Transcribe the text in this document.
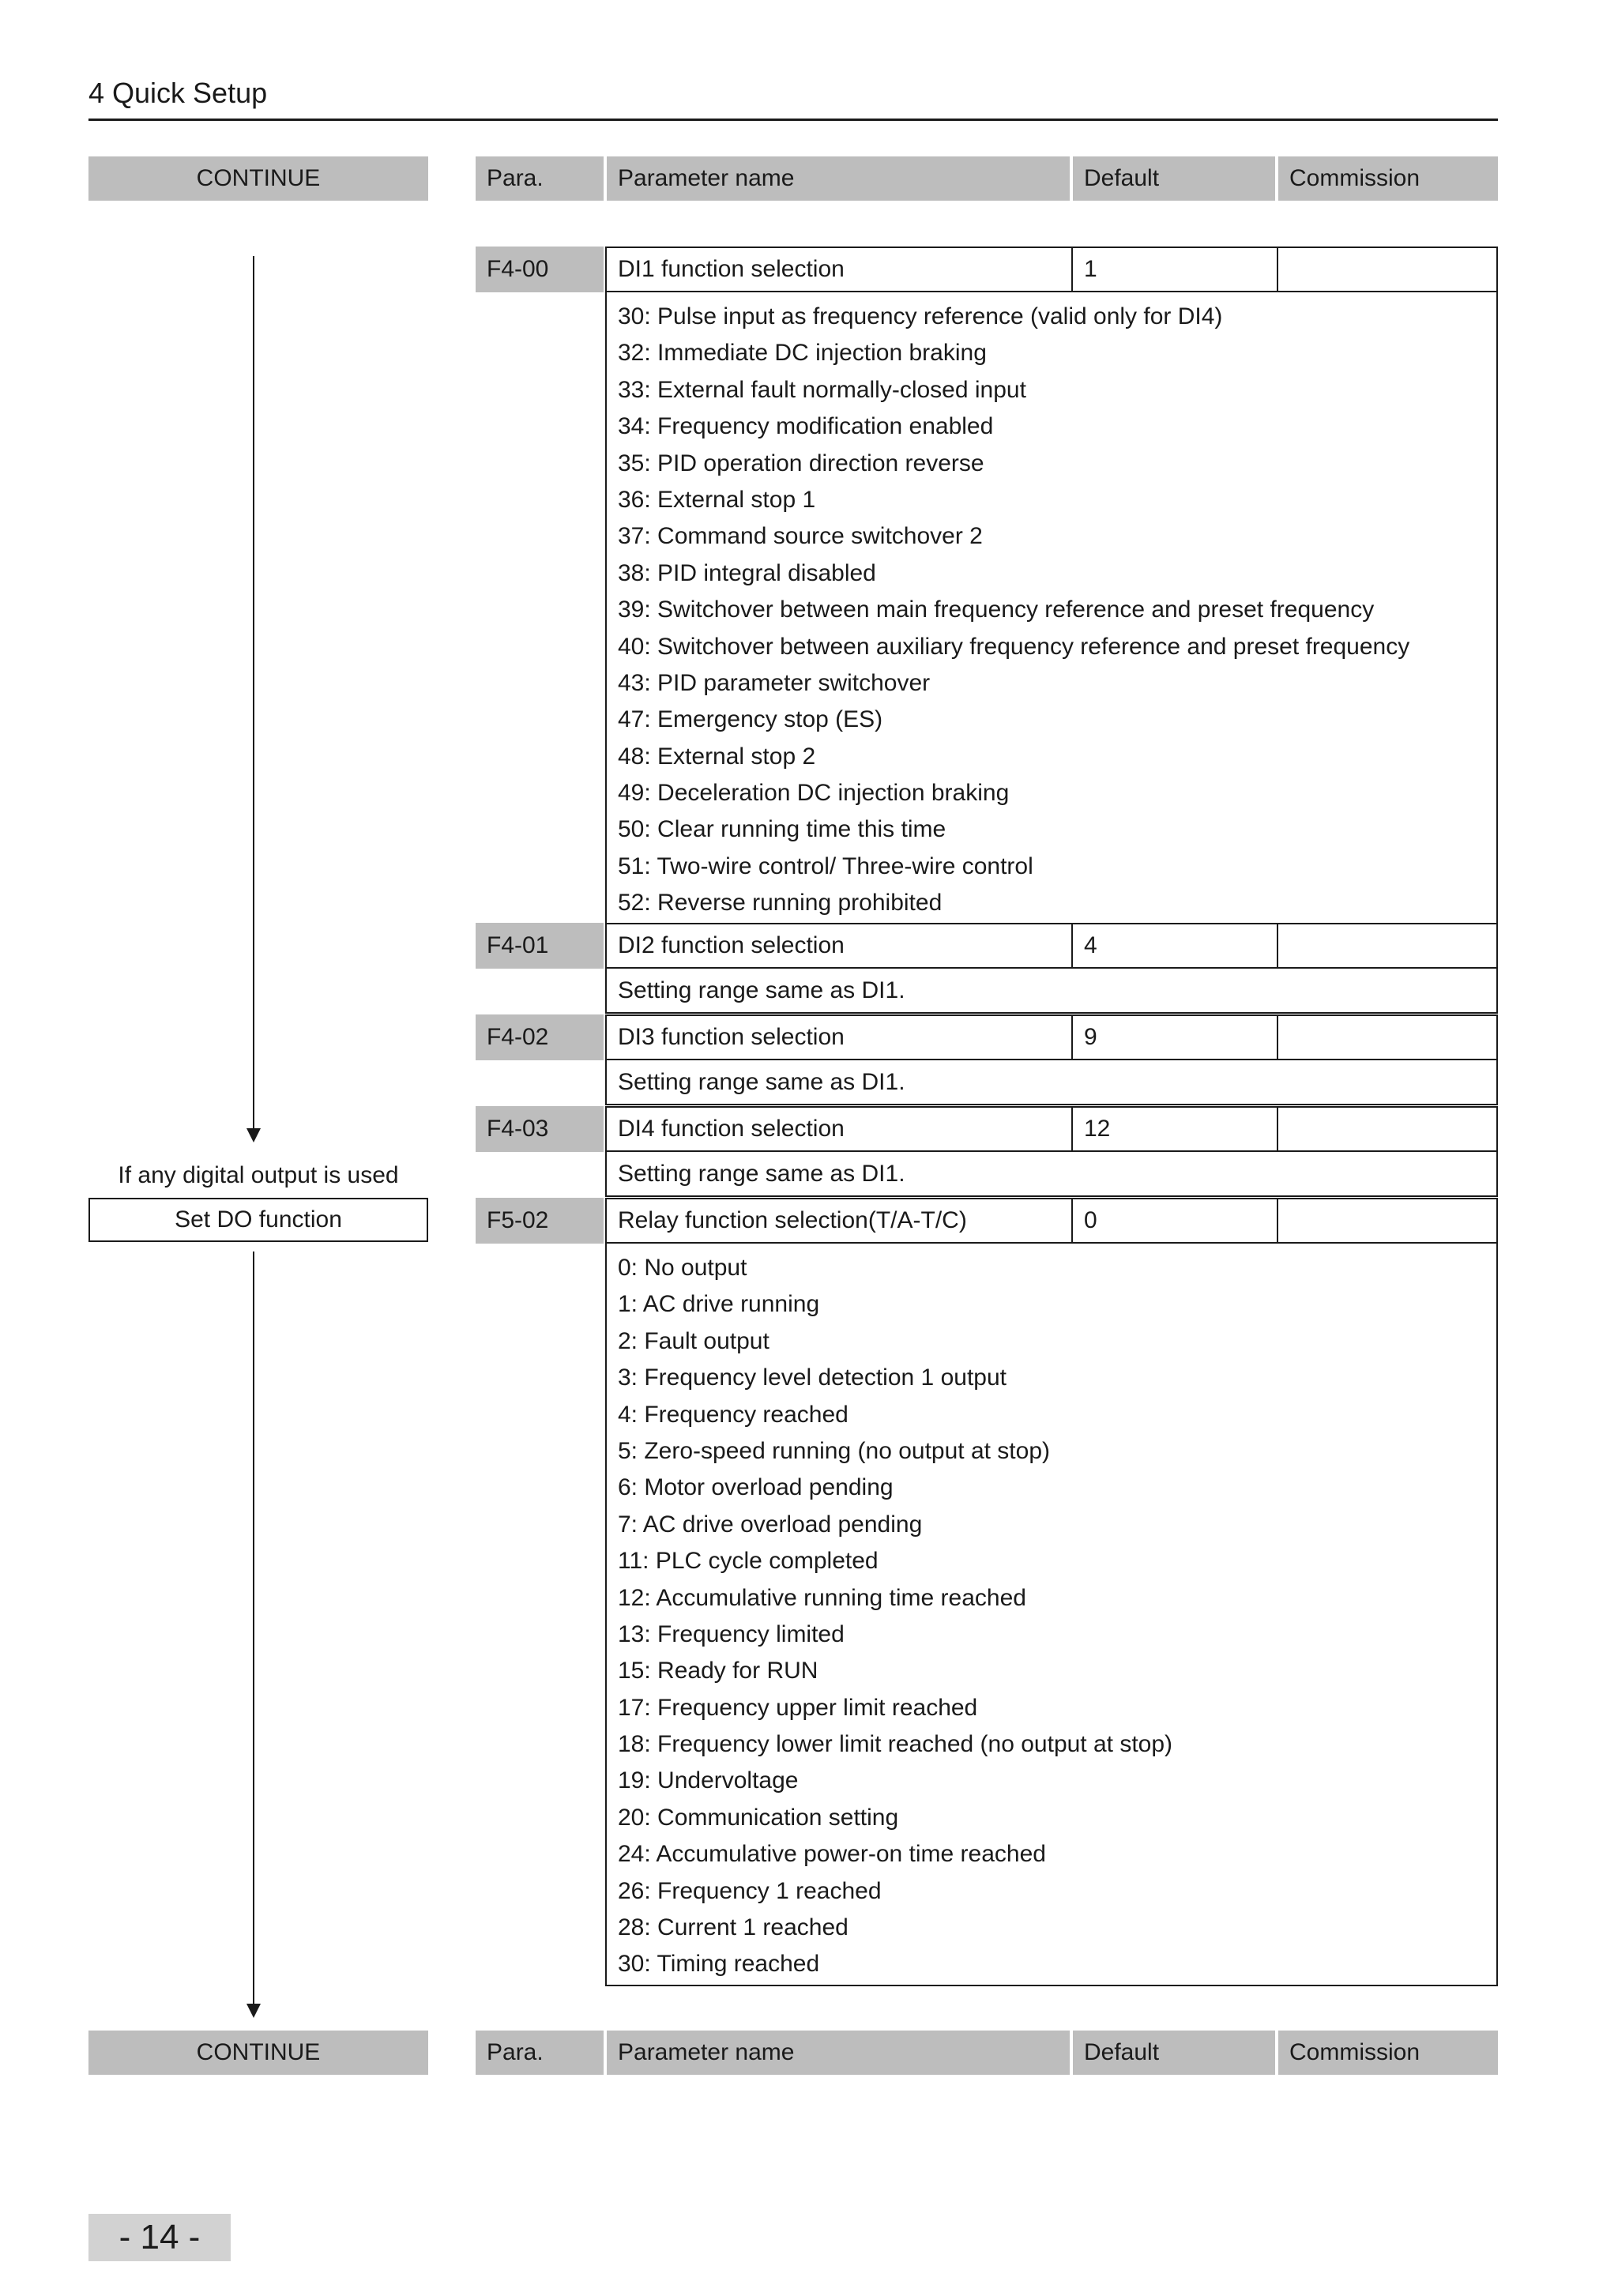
4 Quick Setup
CONTINUE
If any digital output is used
Set DO function
CONTINUE
Para.	Parameter name	Default	Commission
F4-00	DI1 function selection	1
30: Pulse input as frequency reference (valid only for DI4)
32: Immediate DC injection braking
33: External fault normally-closed input
34: Frequency modification enabled
35: PID operation direction reverse
36: External stop 1
37: Command source switchover 2
38: PID integral disabled
39: Switchover between main frequency reference and preset frequency
40: Switchover between auxiliary frequency reference and preset frequency
43: PID parameter switchover
47: Emergency stop (ES)
48: External stop 2
49: Deceleration DC injection braking
50: Clear running time this time
51: Two-wire control/ Three-wire control
52: Reverse running prohibited
F4-01	DI2 function selection	4
Setting range same as DI1.
F4-02	DI3 function selection	9
Setting range same as DI1.
F4-03	DI4 function selection	12
Setting range same as DI1.
F5-02	Relay function selection(T/A-T/C)	0
0: No output
1: AC drive running
2: Fault output
3: Frequency level detection 1 output
4: Frequency reached
5: Zero-speed running (no output at stop)
6: Motor overload pending
7: AC drive overload pending
11: PLC cycle completed
12: Accumulative running time reached
13: Frequency limited
15: Ready for RUN
17: Frequency upper limit reached
18: Frequency lower limit reached (no output at stop)
19: Undervoltage
20: Communication setting
24: Accumulative power-on time reached
26: Frequency 1 reached
28: Current 1 reached
30: Timing reached
Para.	Parameter name	Default	Commission
- 14 -
